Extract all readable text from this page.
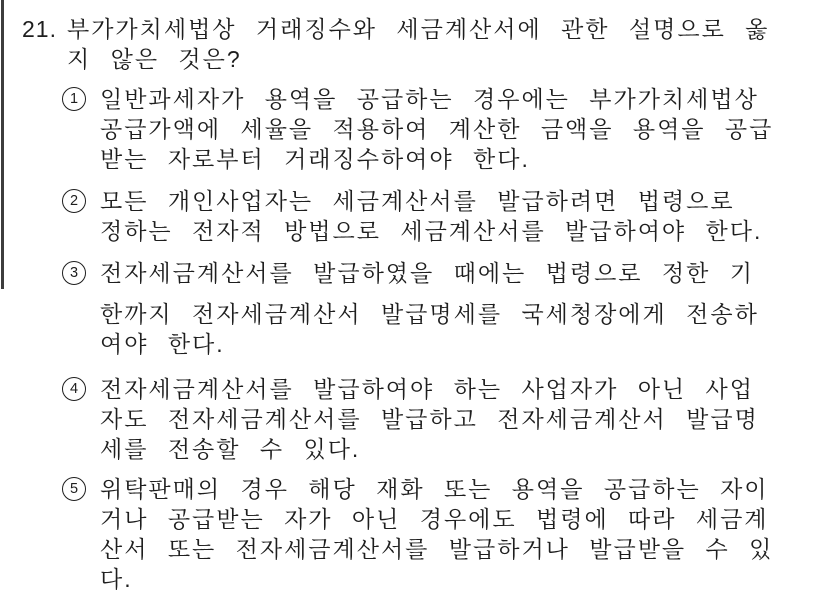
21. 부가가치세법상 거래징수와 세금계산서에 관한 설명으로 옳
지 않은 것은?
1 일반과세자가 용역을 공급하는 경우에는 부가가치세법상
공급가액에 세율을 적용하여 계산한 금액을 용역을 공급
받는 자로부터 거래징수하여야 한다.
2 모든 개인사업자는 세금계산서를 발급하려면 법령으로
정하는 전자적 방법으로 세금계산서를 발급하여야 한다.
3 전자세금계산서를 발급하였을 때에는 법령으로 정한 기
한까지 전자세금계산서 발급명세를 국세청장에게 전송하
여야 한다.
4 전자세금계산서를 발급하여야 하는 사업자가 아닌 사업
자도 전자세금계산서를 발급하고 전자세금계산서 발급명
세를 전송할 수 있다.
5 위탁판매의 경우 해당 재화 또는 용역을 공급하는 자이
거나 공급받는 자가 아닌 경우에도 법령에 따라 세금계
산서 또는 전자세금계산서를 발급하거나 발급받을 수 있
다.
